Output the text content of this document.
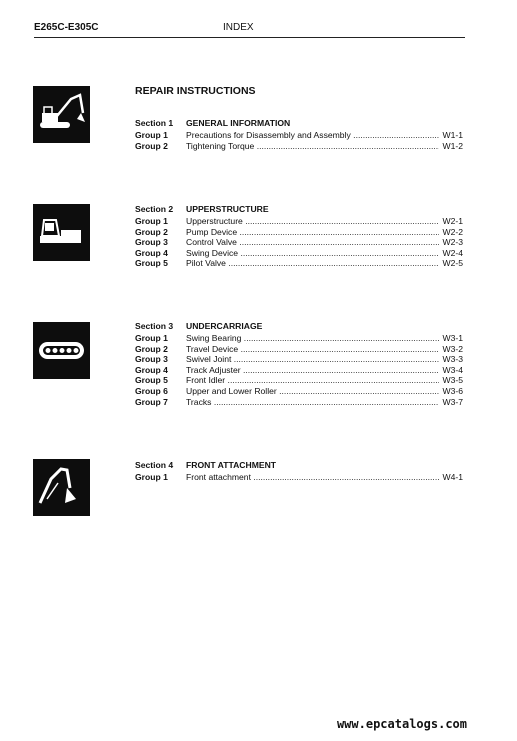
E265C-E305C	INDEX
REPAIR INSTRUCTIONS
Section 1 GENERAL INFORMATION
Group 1 Precautions for Disassembly and Assembly .....	W1-1
Group 2 Tightening Torque .....	W1-2
Section 2 UPPERSTRUCTURE
Group 1 Upperstructure .....	W2-1
Group 2 Pump Device .....	W2-2
Group 3 Control Valve .....	W2-3
Group 4 Swing Device .....	W2-4
Group 5 Pilot Valve .....	W2-5
Section 3 UNDERCARRIAGE
Group 1 Swing Bearing .....	W3-1
Group 2 Travel Device .....	W3-2
Group 3 Swivel Joint .....	W3-3
Group 4 Track Adjuster .....	W3-4
Group 5 Front Idler .....	W3-5
Group 6 Upper and Lower Roller .....	W3-6
Group 7 Tracks .....	W3-7
Section 4 FRONT ATTACHMENT
Group 1 Front attachment .....	W4-1
www.epcatalogs.com
